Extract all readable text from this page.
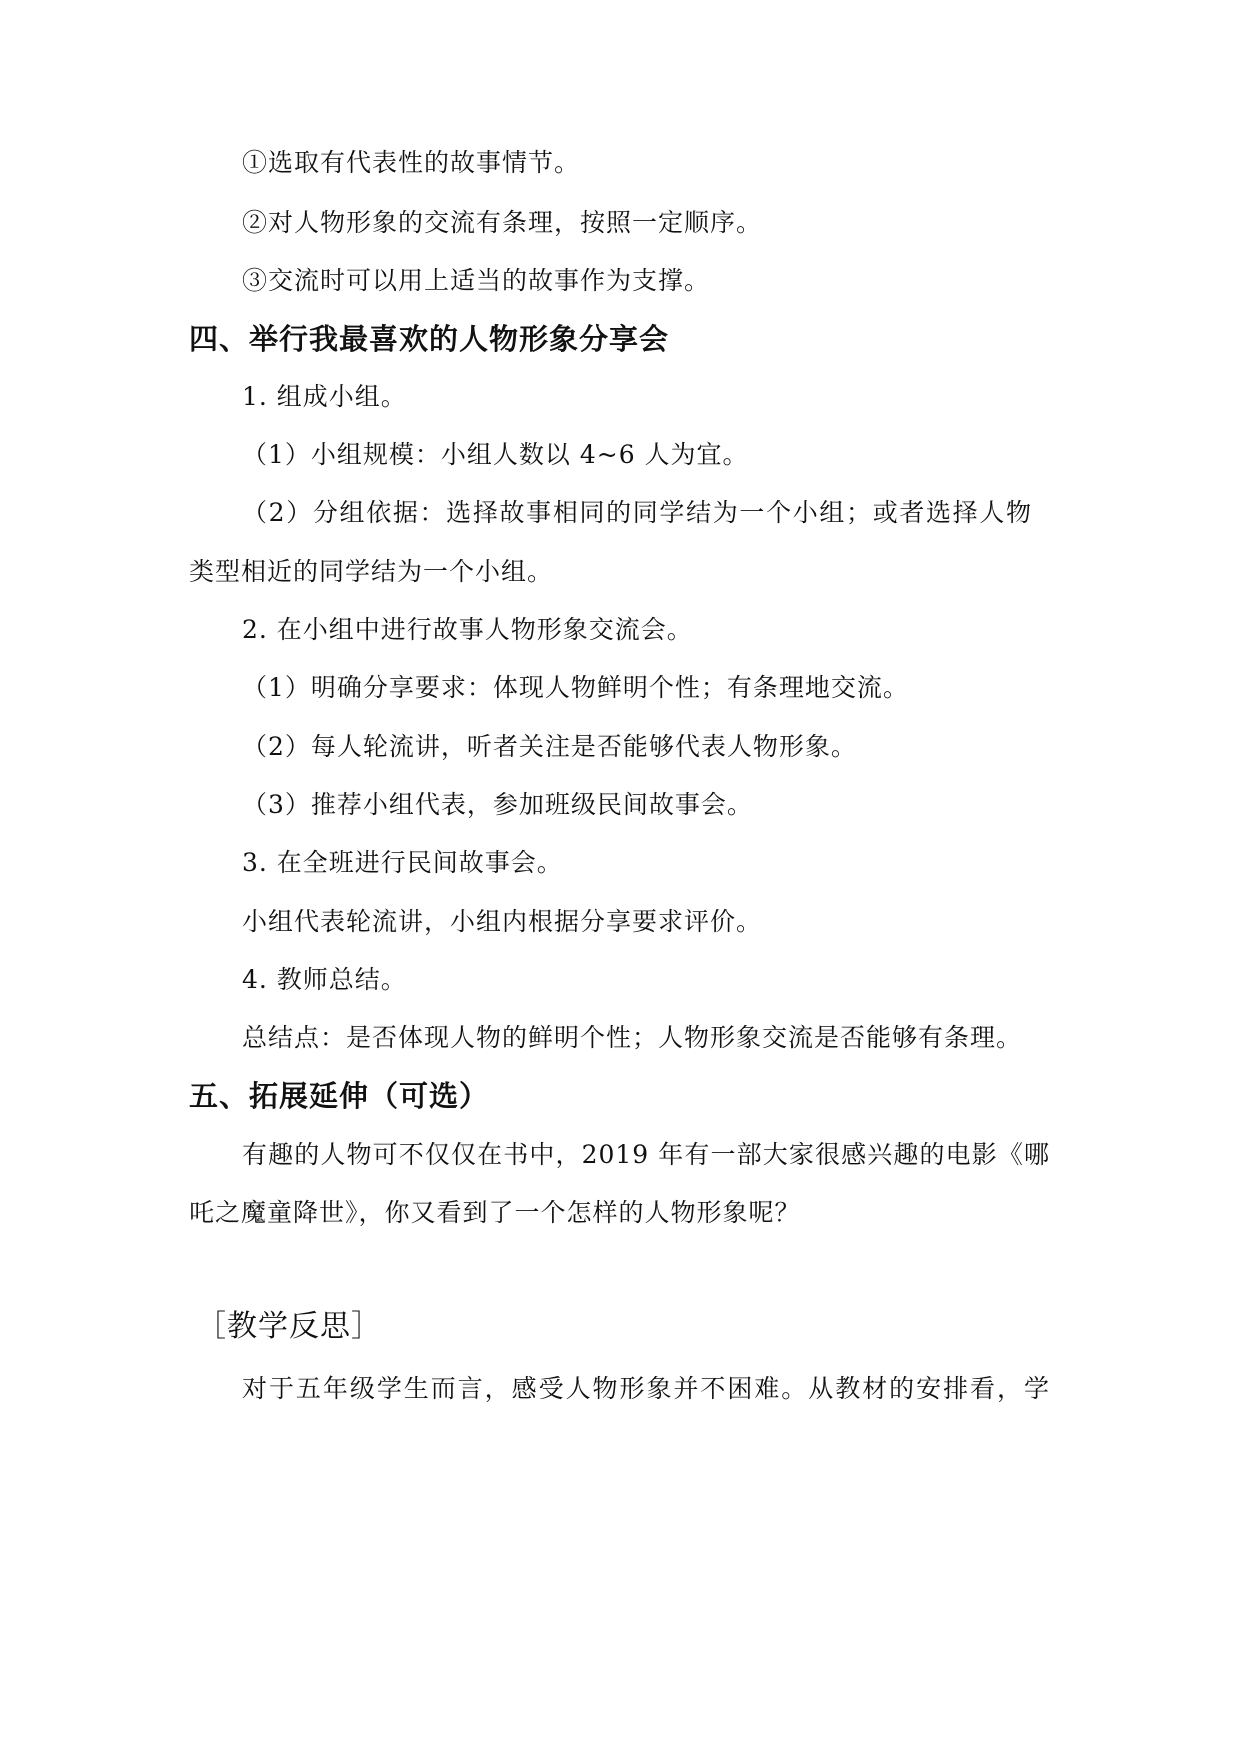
①选取有代表性的故事情节。
②对人物形象的交流有条理，按照一定顺序。
③交流时可以用上适当的故事作为支撑。
四、举行我最喜欢的人物形象分享会
1. 组成小组。
（1）小组规模：小组人数以 4~6 人为宜。
（2）分组依据：选择故事相同的同学结为一个小组；或者选择人物
类型相近的同学结为一个小组。
2. 在小组中进行故事人物形象交流会。
（1）明确分享要求：体现人物鲜明个性；有条理地交流。
（2）每人轮流讲，听者关注是否能够代表人物形象。
（3）推荐小组代表，参加班级民间故事会。
3. 在全班进行民间故事会。
小组代表轮流讲，小组内根据分享要求评价。
4. 教师总结。
总结点：是否体现人物的鲜明个性；人物形象交流是否能够有条理。
五、拓展延伸（可选）
有趣的人物可不仅仅在书中，2019 年有一部大家很感兴趣的电影《哪
吒之魔童降世》，你又看到了一个怎样的人物形象呢？
［教学反思］
对于五年级学生而言，感受人物形象并不困难。从教材的安排看，学
